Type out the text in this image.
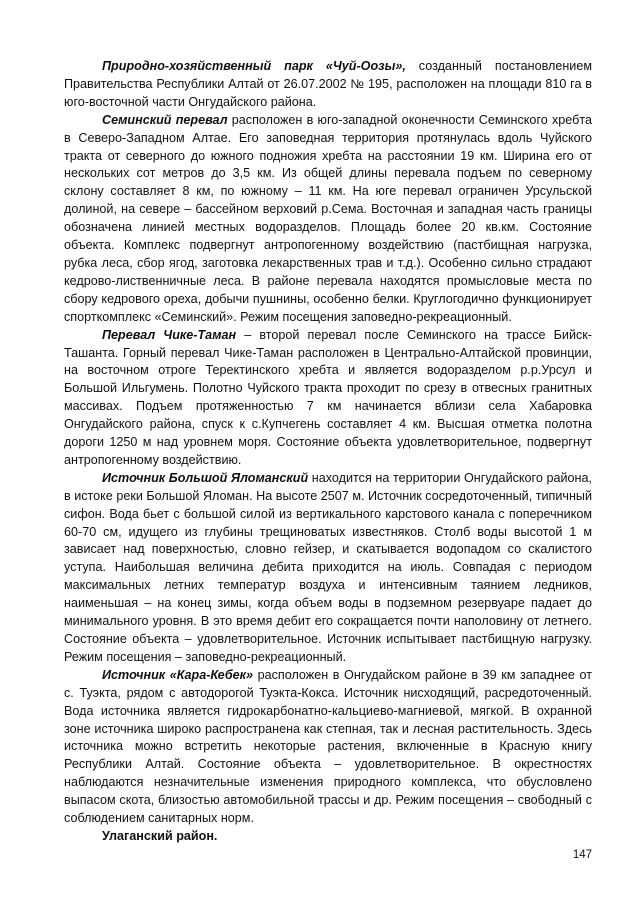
Природно-хозяйственный парк «Чуй-Оозы», созданный постановлением Правительства Республики Алтай от 26.07.2002 № 195, расположен на площади 810 га в юго-восточной части Онгудайского района.

Семинский перевал расположен в юго-западной оконечности Семинского хребта в Северо-Западном Алтае. Его заповедная территория протянулась вдоль Чуйского тракта от северного до южного подножия хребта на расстоянии 19 км. Ширина его от нескольких сот метров до 3,5 км. Из общей длины перевала подъем по северному склону составляет 8 км, по южному – 11 км. На юге перевал ограничен Урсульской долиной, на севере – бассейном верховий р.Сема. Восточная и западная часть границы обозначена линией местных водоразделов. Площадь более 20 кв.км. Состояние объекта. Комплекс подвергнут антропогенному воздействию (пастбищная нагрузка, рубка леса, сбор ягод, заготовка лекарственных трав и т.д.). Особенно сильно страдают кедрово-лиственничные леса. В районе перевала находятся промысловые места по сбору кедрового ореха, добычи пушнины, особенно белки. Круглогодично функционирует спорткомплекс «Семинский». Режим посещения заповедно-рекреационный.

Перевал Чике-Таман – второй перевал после Семинского на трассе Бийск-Ташанта. Горный перевал Чике-Таман расположен в Центрально-Алтайской провинции, на восточном отроге Теректинского хребта и является водоразделом р.р.Урсул и Большой Ильгумень. Полотно Чуйского тракта проходит по срезу в отвесных гранитных массивах. Подъем протяженностью 7 км начинается вблизи села Хабаровка Онгудайского района, спуск к с.Купчегень составляет 4 км. Высшая отметка полотна дороги 1250 м над уровнем моря. Состояние объекта удовлетворительное, подвергнут антропогенному воздействию.

Источник Большой Яломанский находится на территории Онгудайского района, в истоке реки Большой Яломан. На высоте 2507 м. Источник сосредоточенный, типичный сифон. Вода бьет с большой силой из вертикального карстового канала с поперечником 60-70 см, идущего из глубины трещиноватых известняков. Столб воды высотой 1 м зависает над поверхностью, словно гейзер, и скатывается водопадом со скалистого уступа. Наибольшая величина дебита приходится на июль. Совпадая с периодом максимальных летних температур воздуха и интенсивным таянием ледников, наименьшая – на конец зимы, когда объем воды в подземном резервуаре падает до минимального уровня. В это время дебит его сокращается почти наполовину от летнего. Состояние объекта – удовлетворительное. Источник испытывает пастбищную нагрузку. Режим посещения – заповедно-рекреационный.

Источник «Кара-Кебек» расположен в Онгудайском районе в 39 км западнее от с. Туэкта, рядом с автодорогой Туэкта-Кокса. Источник нисходящий, расредоточенный. Вода источника является гидрокарбонатно-кальциево-магниевой, мягкой. В охранной зоне источника широко распространена как степная, так и лесная растительность. Здесь источника можно встретить некоторые растения, включенные в Красную книгу Республики Алтай. Состояние объекта – удовлетворительное. В окрестностях наблюдаются незначительные изменения природного комплекса, что обусловлено выпасом скота, близостью автомобильной трассы и др. Режим посещения – свободный с соблюдением санитарных норм.

Улаганский район.

147
